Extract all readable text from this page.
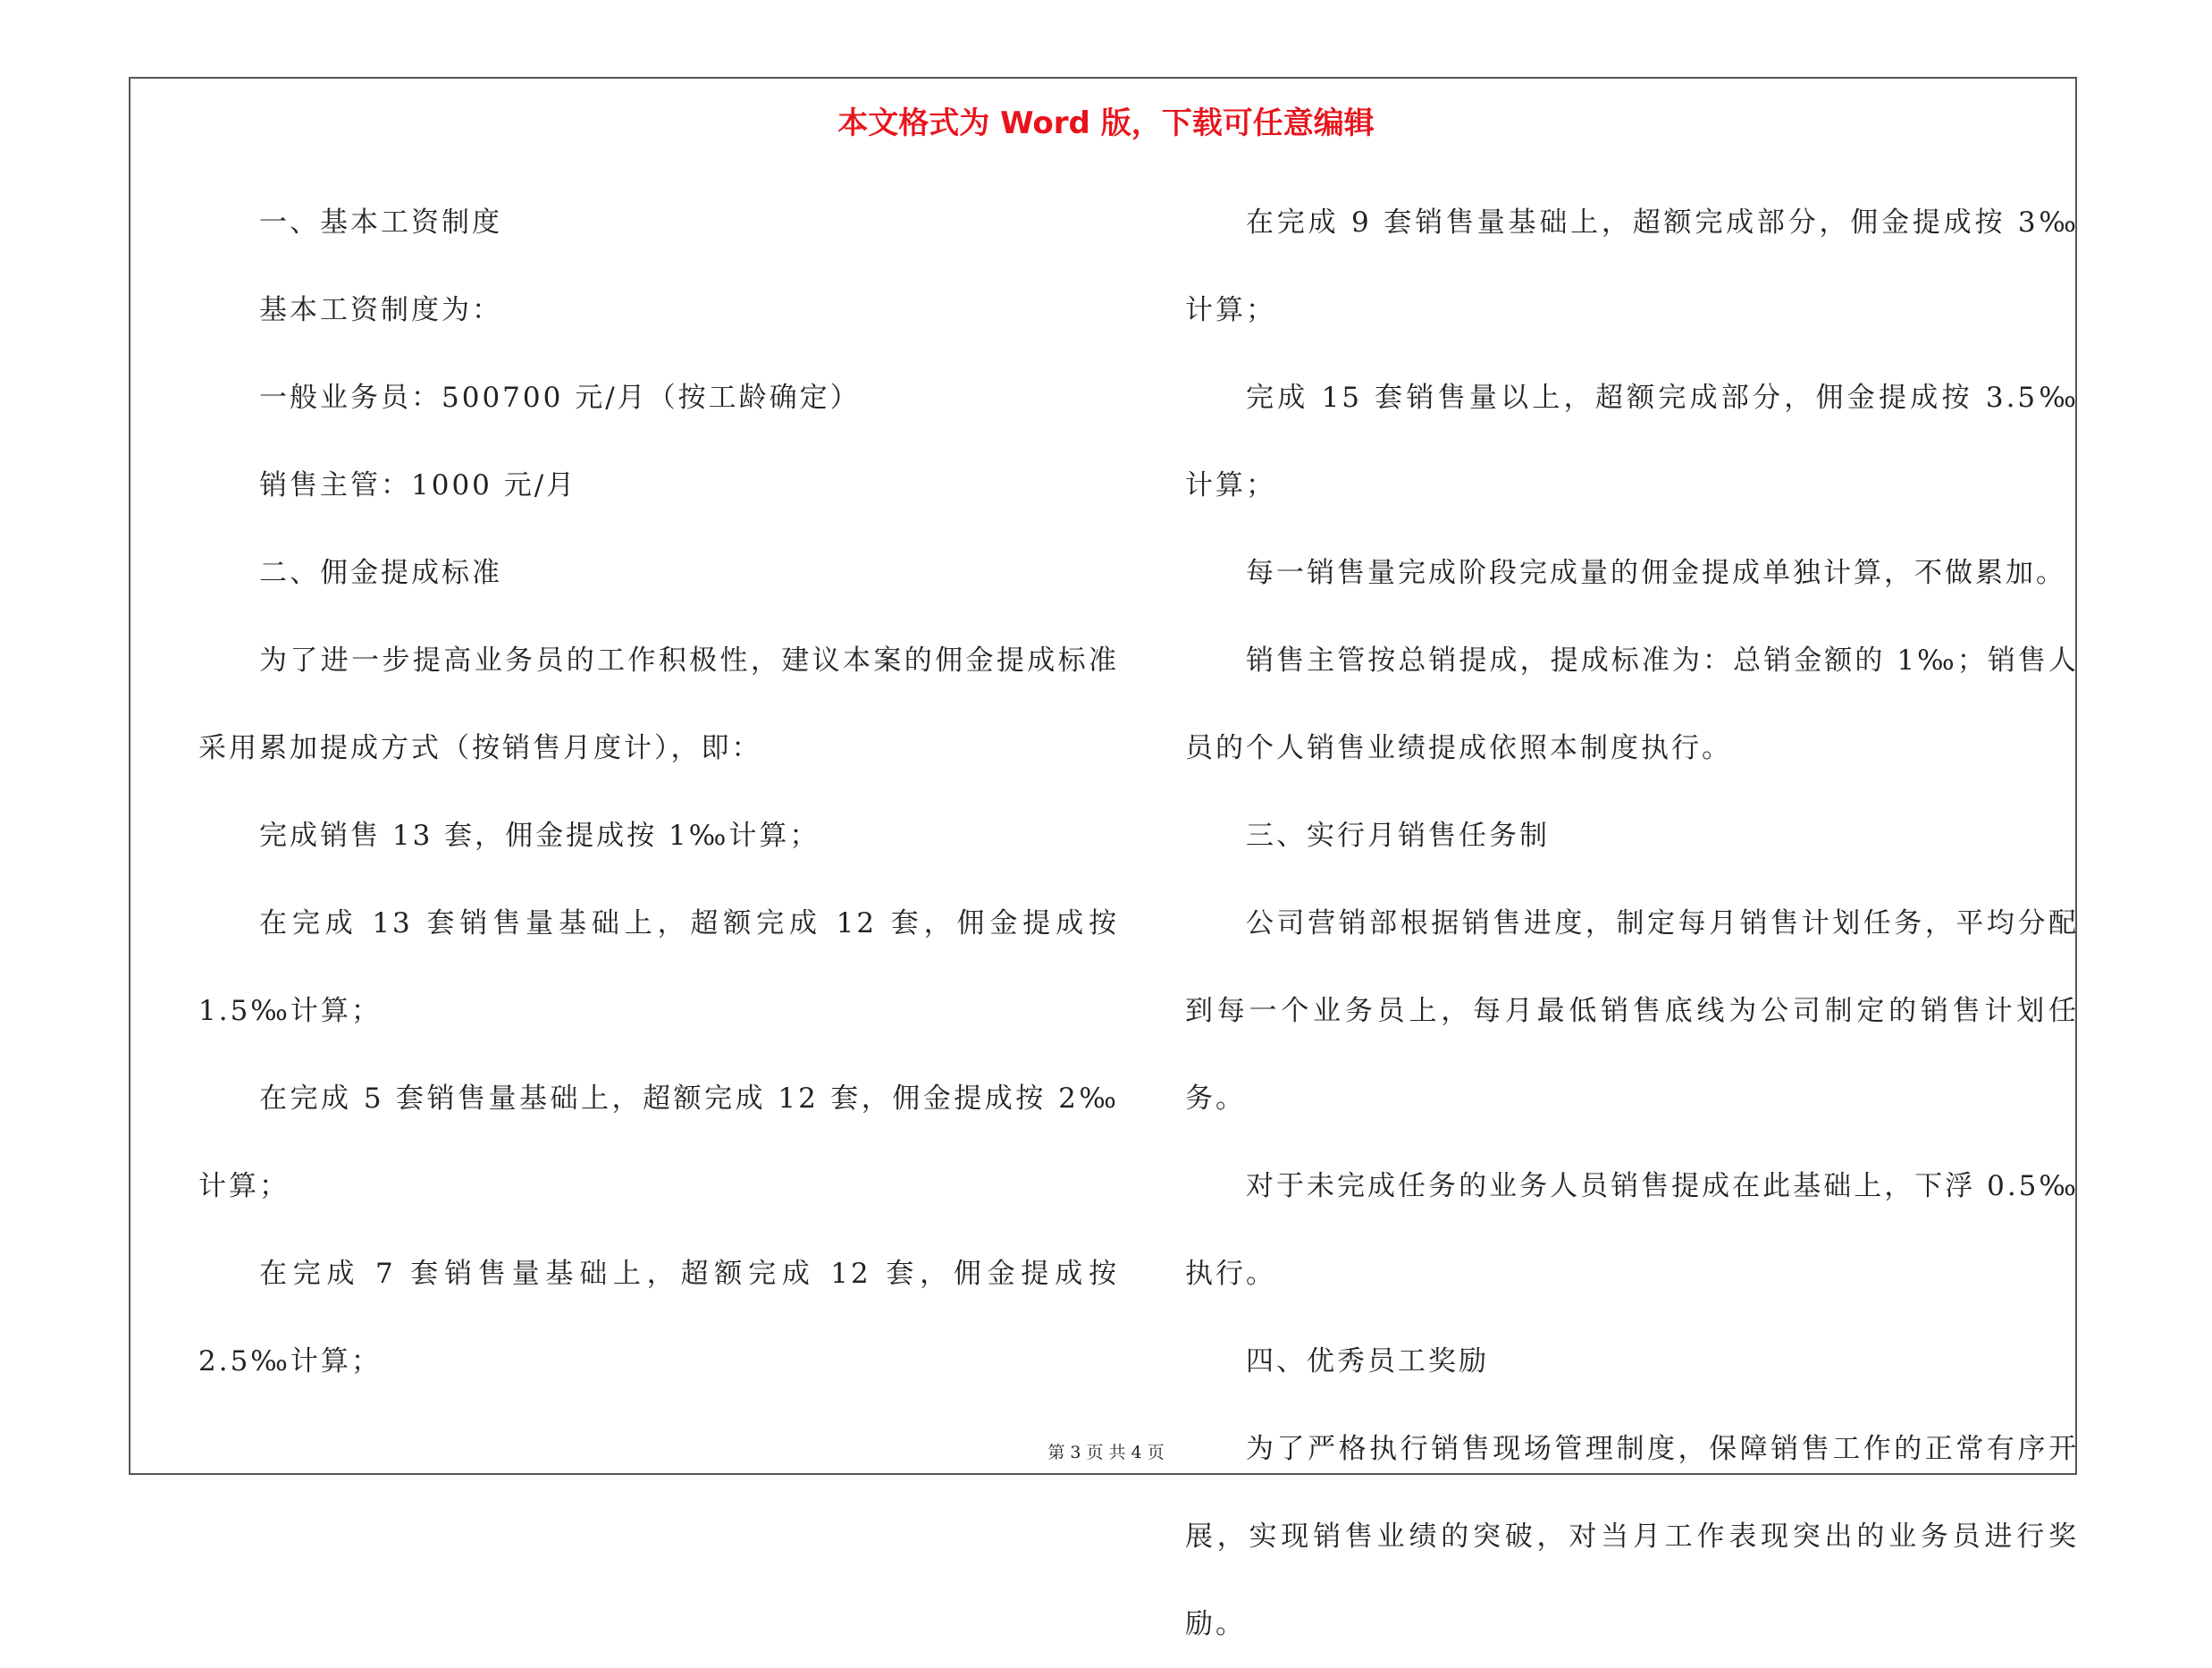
本文格式为 Word 版，下载可任意编辑

一、基本工资制度

基本工资制度为：

一般业务员：500700 元/月（按工龄确定）

销售主管：1000 元/月

二、佣金提成标准

为了进一步提高业务员的工作积极性，建议本案的佣金提成标准采用累加提成方式（按销售月度计），即：

完成销售 13 套，佣金提成按 1‰计算；

在完成 13 套销售量基础上，超额完成 12 套，佣金提成按 1.5‰计算；

在完成 5 套销售量基础上，超额完成 12 套，佣金提成按 2‰计算；

在完成 7 套销售量基础上，超额完成 12 套，佣金提成按 2.5‰计算；

在完成 9 套销售量基础上，超额完成部分，佣金提成按 3‰计算；

完成 15 套销售量以上，超额完成部分，佣金提成按 3.5‰计算；

每一销售量完成阶段完成量的佣金提成单独计算，不做累加。

销售主管按总销提成，提成标准为：总销金额的 1‰；销售人员的个人销售业绩提成依照本制度执行。

三、实行月销售任务制

公司营销部根据销售进度，制定每月销售计划任务，平均分配到每一个业务员上，每月最低销售底线为公司制定的销售计划任务。

对于未完成任务的业务人员销售提成在此基础上，下浮 0.5‰执行。

四、优秀员工奖励

为了严格执行销售现场管理制度，保障销售工作的正常有序开展，实现销售业绩的突破，对当月工作表现突出的业务员进行奖励。

第 3 页 共 4 页
